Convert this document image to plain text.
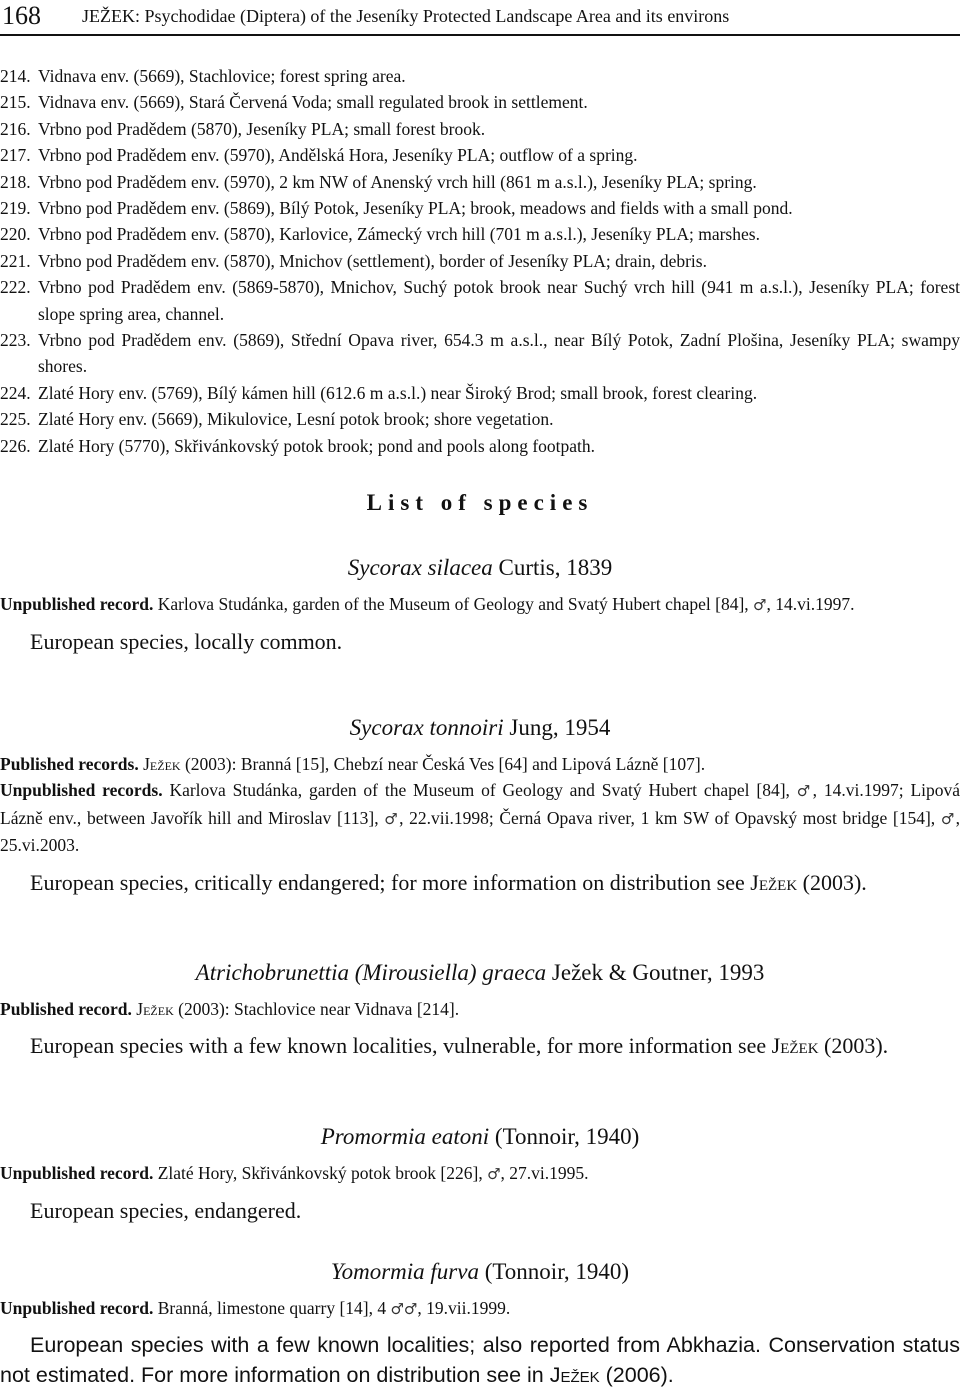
168 JEŽEK: Psychodidae (Diptera) of the Jeseníky Protected Landscape Area and its environs

214. Vidnava env. (5669), Stachlovice; forest spring area.

215. Vidnava env. (5669), Stará Červená Voda; small regulated brook in settlement.

216. Vrbno pod Pradědem (5870), Jeseníky PLA; small forest brook.

217. Vrbno pod Pradědem env. (5970), Andělská Hora, Jeseníky PLA; outflow of a spring.

218. Vrbno pod Pradědem env. (5970), 2 km NW of Anenský vrch hill (861 m a.s.l.), Jeseníky PLA; spring.

219. Vrbno pod Pradědem env. (5869), Bílý Potok, Jeseníky PLA; brook, meadows and fields with a small pond.

220. Vrbno pod Pradědem env. (5870), Karlovice, Zámecký vrch hill (701 m a.s.l.), Jeseníky PLA; marshes.

221. Vrbno pod Pradědem env. (5870), Mnichov (settlement), border of Jeseníky PLA; drain, debris.

222. Vrbno pod Pradědem env. (5869-5870), Mnichov, Suchý potok brook near Suchý vrch hill (941 m a.s.l.), Jeseníky PLA; forest slope spring area, channel.

223. Vrbno pod Pradědem env. (5869), Střední Opava river, 654.3 m a.s.l., near Bílý Potok, Zadní Plošina, Jeseníky PLA; swampy shores.

224. Zlaté Hory env. (5769), Bílý kámen hill (612.6 m a.s.l.) near Široký Brod; small brook, forest clearing.

225. Zlaté Hory env. (5669), Mikulovice, Lesní potok brook; shore vegetation.

226. Zlaté Hory (5770), Skřivánkovský potok brook; pond and pools along footpath.

List of species

Sycorax silacea Curtis, 1839

Unpublished record. Karlova Studánka, garden of the Museum of Geology and Svatý Hubert chapel [84], ♂, 14.vi.1997.

European species, locally common.

Sycorax tonnoiri Jung, 1954

Published records. Ježek (2003): Branná [15], Chebzí near Česká Ves [64] and Lipová Lázně [107].

Unpublished records. Karlova Studánka, garden of the Museum of Geology and Svatý Hubert chapel [84], ♂, 14.vi.1997; Lipová Lázně env., between Javořík hill and Miroslav [113], ♂, 22.vii.1998; Černá Opava river, 1 km SW of Opavský most bridge [154], ♂, 25.vi.2003.

European species, critically endangered; for more information on distribution see Ježek (2003).

Atrichobrunettia (Mirousiella) graeca Ježek & Goutner, 1993

Published record. Ježek (2003): Stachlovice near Vidnava [214].

European species with a few known localities, vulnerable, for more information see Ježek (2003).

Promormia eatoni (Tonnoir, 1940)

Unpublished record. Zlaté Hory, Skřivánkovský potok brook [226], ♂, 27.vi.1995.

European species, endangered.

Yomormia furva (Tonnoir, 1940)

Unpublished record. Branná, limestone quarry [14], 4 ♂♂, 19.vii.1999.

European species with a few known localities; also reported from Abkhazia. Conservation status not estimated. For more information on distribution see in Ježek (2006).
